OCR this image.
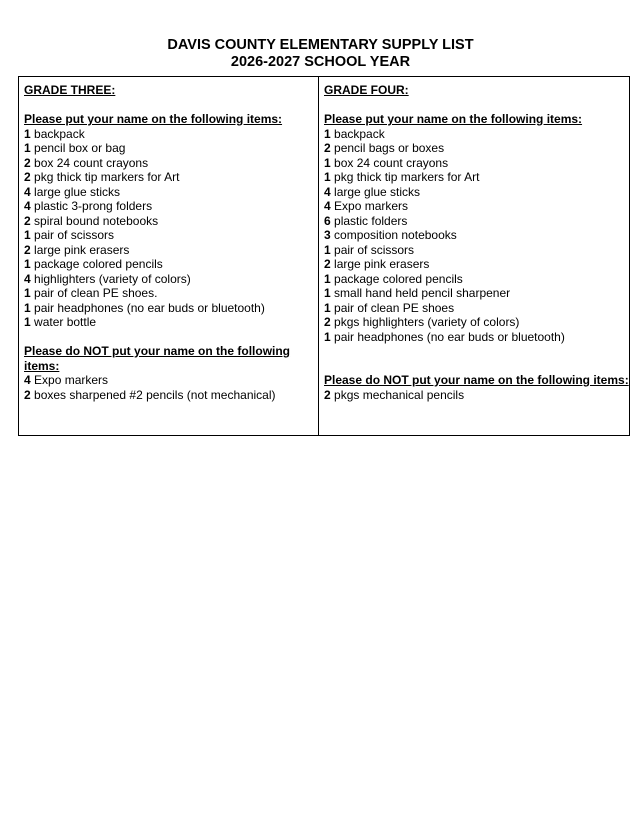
DAVIS COUNTY ELEMENTARY SUPPLY LIST
2026-2027 SCHOOL YEAR
GRADE THREE:
Please put your name on the following items:
1 backpack
1 pencil box or bag
2 box 24 count crayons
2 pkg thick tip markers for Art
4 large glue sticks
4 plastic 3-prong folders
2 spiral bound notebooks
1 pair of scissors
2 large pink erasers
1 package colored pencils
4 highlighters (variety of colors)
1 pair of clean PE shoes.
1 pair headphones (no ear buds or bluetooth)
1 water bottle
Please do NOT put your name on the following
items:
4 Expo markers
2 boxes sharpened #2 pencils (not mechanical)
GRADE FOUR:
Please put your name on the following items:
1 backpack
2 pencil bags or boxes
1 box 24 count crayons
1 pkg thick tip markers for Art
4 large glue sticks
4 Expo markers
6 plastic folders
3 composition notebooks
1 pair of scissors
2 large pink erasers
1 package colored pencils
1 small hand held pencil sharpener
1 pair of clean PE shoes
2 pkgs highlighters (variety of colors)
1 pair headphones (no ear buds or bluetooth)
Please do NOT put your name on the following items:
2 pkgs mechanical pencils
